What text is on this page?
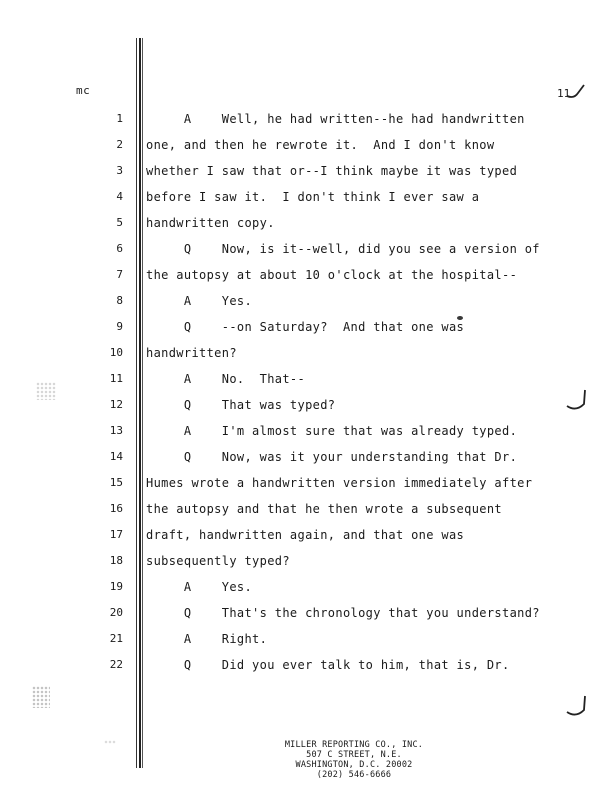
mc	11
1 A    Well, he had written--he had handwritten
2 one, and then he rewrote it.  And I don't know
3 whether I saw that or--I think maybe it was typed
4 before I saw it.  I don't think I ever saw a
5 handwritten copy.
6 Q    Now, is it--well, did you see a version of
7 the autopsy at about 10 o'clock at the hospital--
8 A    Yes.
9 Q    --on Saturday?  And that one was
10 handwritten?
11 A    No.  That--
12 Q    That was typed?
13 A    I'm almost sure that was already typed.
14 Q    Now, was it your understanding that Dr.
15 Humes wrote a handwritten version immediately after
16 the autopsy and that he then wrote a subsequent
17 draft, handwritten again, and that one was
18 subsequently typed?
19 A    Yes.
20 Q    That's the chronology that you understand?
21 A    Right.
22 Q    Did you ever talk to him, that is, Dr.
MILLER REPORTING CO., INC.
507 C STREET, N.E.
WASHINGTON, D.C. 20002
(202) 546-6666
